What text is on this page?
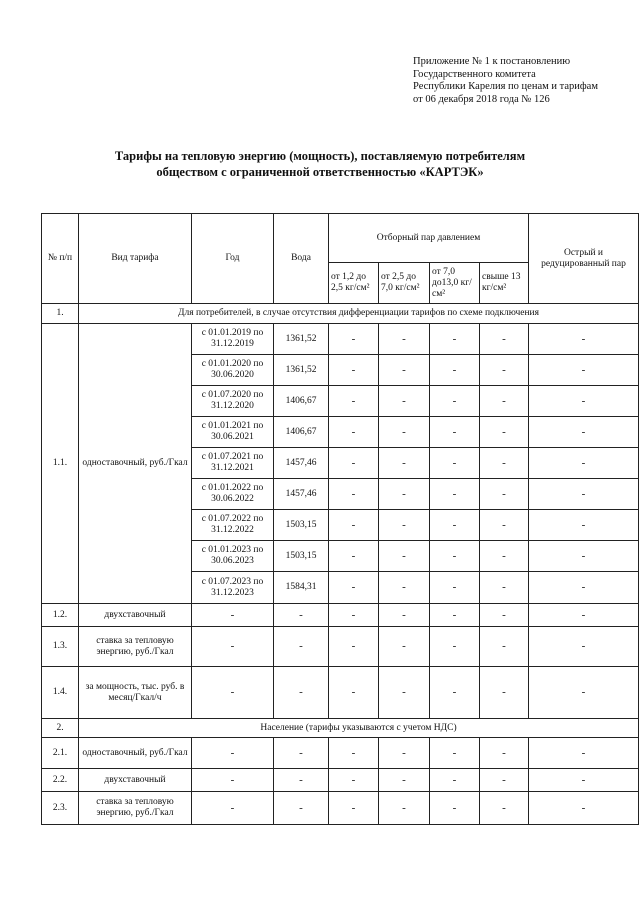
Приложение № 1 к постановлению
Государственного комитета
Республики Карелия по ценам и тарифам
от 06 декабря 2018 года № 126
Тарифы на тепловую энергию (мощность), поставляемую потребителям
обществом с ограниченной ответственностью «КАРТЭК»
№ п/п	Вид тарифа	Год	Вода	Отборный пар давлением				Острый и редуцированный пар
				от 1,2 до 2,5 кг/см²	от 2,5 до 7,0 кг/см²	от 7,0 до13,0 кг/см²	свыше 13 кг/см²	
1.	Для потребителей, в случае отсутствия дифференциации тарифов по схеме подключения							
1.1.	одноставочный, руб./Гкал	с 01.01.2019 по 31.12.2019	1361,52	-	-	-	-	-
		с 01.01.2020 по 30.06.2020	1361,52	-	-	-	-	-
		с 01.07.2020 по 31.12.2020	1406,67	-	-	-	-	-
		с 01.01.2021 по 30.06.2021	1406,67	-	-	-	-	-
		с 01.07.2021 по 31.12.2021	1457,46	-	-	-	-	-
		с 01.01.2022 по 30.06.2022	1457,46	-	-	-	-	-
		с 01.07.2022 по 31.12.2022	1503,15	-	-	-	-	-
		с 01.01.2023 по 30.06.2023	1503,15	-	-	-	-	-
		с 01.07.2023 по 31.12.2023	1584,31	-	-	-	-	-
1.2.	двухставочный	-	-	-	-	-	-	-
1.3.	ставка за тепловую энергию, руб./Гкал	-	-	-	-	-	-	-
1.4.	за мощность, тыс. руб. в месяц/Гкал/ч	-	-	-	-	-	-	-
2.	Население (тарифы указываются с учетом НДС)							
2.1.	одноставочный, руб./Гкал	-	-	-	-	-	-	-
2.2.	двухставочный	-	-	-	-	-	-	-
2.3.	ставка за тепловую энергию, руб./Гкал	-	-	-	-	-	-	-
